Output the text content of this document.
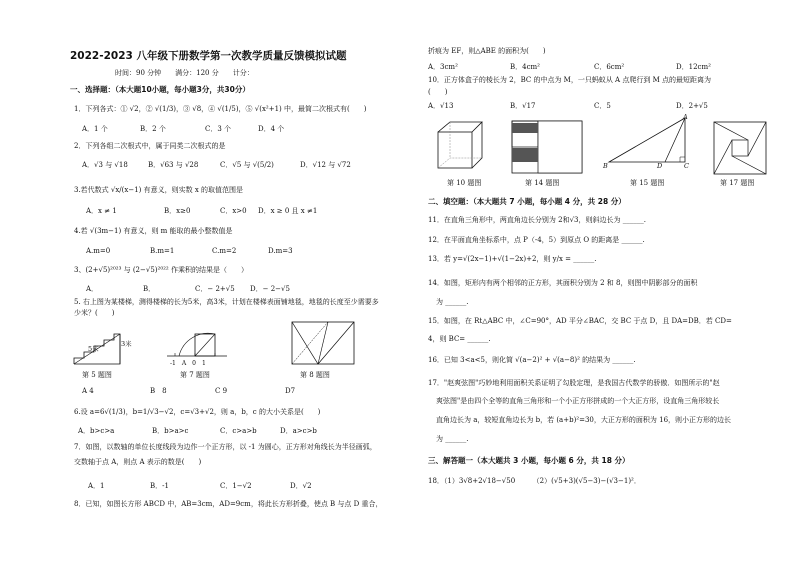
2022-2023 八年级下册数学第一次教学质量反馈模拟试题
时间：90 分钟　　满分：120 分　　计分：
一、选择题：（本大题10小题，每小题3分，共30分）
1．下列各式：① √2，② √(1/3)，③ √8，④ √(1/5)，⑤ √(x²+1) 中，最简二次根式有(　　)
A．1 个	B．2 个	C．3 个	D．4 个
2．下列各组二次根式中，属于同类二次根式的是
A．√3 与 √18	B．√63 与 √28	C．√5 与 √(5/2)	D．√12 与 √72
3.若代数式 √x/(x−1) 有意义，则实数 x 的取值范围是
A．x ≠ 1	B．x≥0	C．x>0 D．x ≥ 0 且 x ≠1
4.若 √(3m−1) 有意义，则 m 能取的最小整数值是
A.m=0	B.m=1	C.m=2	D.m=3
3、(2+√5)²⁰²³ 与 (2−√5)²⁰²² 作乘积的结果是（　　）
A．	B．	C．− 2+√5 D．− 2−√5
5. 右上图为某楼梯，测得楼梯的长为5米，高3米，计划在楼梯表面铺地毯，地毯的长度至少需要多
少米？(　　)
5米
3米
-1　A　0　1
第 5 题图	第 7 题图	第 8 题图
A 4	B　8	C 9	D7
6.设 a=6√(1/3)，b=1/√3−√2，c=√3+√2，则 a，b，c 的大小关系是(　　)
A．b>c>a	B．b>a>c	C．c>a>b	D．a>c>b
7．如图，以数轴的单位长度线段为边作一个正方形，以 -1 为圆心，正方形对角线长为半径画弧，
交数轴于点 A，则点 A 表示的数是(　　)
A．1	B．-1	C．1−√2	D．√2
8．已知，如图长方形 ABCD 中，AB=3cm，AD=9cm，将此长方形折叠，使点 B 与点 D 重合，
折痕为 EF，则△ABE 的面积为(　　)
A．3cm²	B．4cm²	C．6cm²	D．12cm²
10．正方体盒子的棱长为 2，BC 的中点为 M，一只蚂蚁从 A 点爬行到 M 点的最短距离为
(　　)
A．√13	B．√17	C．5	D．2+√5
A
B	D	C
第 10 题图	第 14 题图	第 15 题图	第 17 题图
二、填空题：（本大题共 7 小题，每小题 4 分，共 28 分）
11．在直角三角形中，两直角边长分别为 2和√3，则斜边长为 ______.
12．在平面直角坐标系中，点 P（-4，5）到原点 O 的距离是 ______.
13．若 y=√(2x−1)+√(1−2x)+2，则 y/x = ______.
14．如图，矩形内有两个相邻的正方形，其面积分别为 2 和 8，则图中阴影部分的面积
为 ______.
15．如图，在 Rt△ABC 中，∠C=90°，AD 平分∠BAC，交 BC 于点 D，且 DA=DB．若 CD=
4，则 BC= ______.
16．已知 3<a<5，则化简 √(a−2)² + √(a−8)² 的结果为 ______.
17．"赵爽弦图"巧妙地利用面积关系证明了勾股定理，是我国古代数学的骄傲．如图所示的"赵
爽弦图"是由四个全等的直角三角形和一个小正方形拼成的一个大正方形，设直角三角形较长
直角边长为 a，较短直角边长为 b，若 (a+b)²=30，大正方形的面积为 16，则小正方形的边长
为 ______.
三、解答题一（本大题共 3 小题，每小题 6 分，共 18 分）
18．（1）3√8+2√18−√50　　　（2）(√5+3)(√5−3)−(√3−1)²．
